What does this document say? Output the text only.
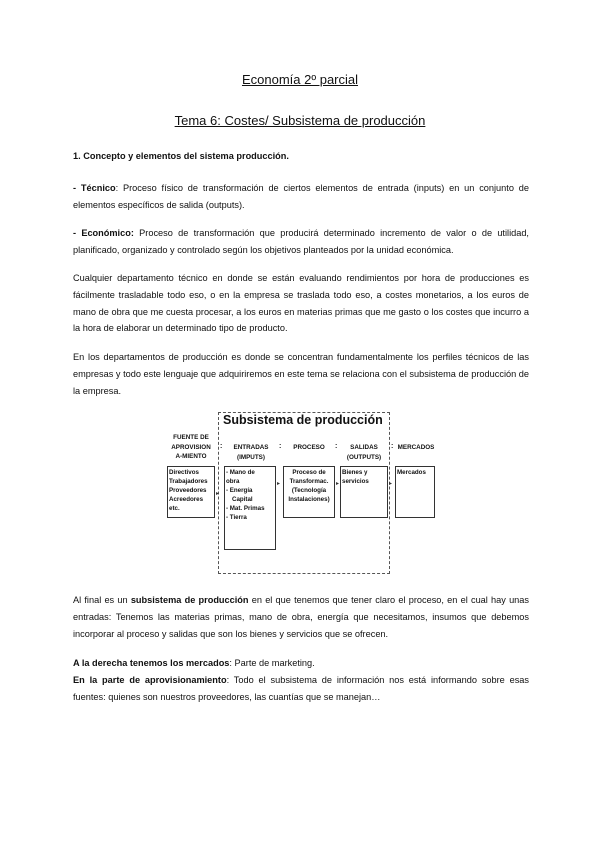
Economía 2º parcial
Tema 6: Costes/ Subsistema de producción

1. Concepto y elementos del sistema producción.

- Técnico: Proceso físico de transformación de ciertos elementos de entrada (inputs) en un conjunto de elementos específicos de salida (outputs).

- Económico: Proceso de transformación que producirá determinado incremento de valor o de utilidad, planificado, organizado y controlado según los objetivos planteados por la unidad económica.

Cualquier departamento técnico en donde se están evaluando rendimientos por hora de producciones es fácilmente trasladable todo eso, o en la empresa se traslada todo eso, a costes monetarios, a los euros de mano de obra que me cuesta procesar, a los euros en materias primas que me gasto o los costes que incurro a la hora de elaborar un determinado tipo de producto.

En los departamentos de producción es donde se concentran fundamentalmente los perfiles técnicos de las empresas y todo este lenguaje que adquiriremos en este tema se relaciona con el subsistema de producción de la empresa.

Subsistema de producción
FUENTE DE
APROVISION
A-MIENTO
:	ENTRADAS
(IMPUTS)
:	PROCESO	:	SALIDAS
(OUTPUTS)
: MERCADOS
Directivos
Trabajadores
Proveedores
Acreedores
etc.
▸
- Mano de
obra
- Energía
Capital
- Mat. Primas
- Tierra
▸
Proceso de
Transformac.
(Tecnología
Instalaciones)
▸
Bienes y
servicios	▸
Mercados

Al final es un subsistema de producción en el que tenemos que tener claro el proceso, en el cual hay unas entradas: Tenemos las materias primas, mano de obra, energía que necesitamos, insumos que debemos incorporar al proceso y salidas que son los bienes y servicios que se ofrecen.

A la derecha tenemos los mercados: Parte de marketing.

En la parte de aprovisionamiento: Todo el subsistema de información nos está informando sobre esas fuentes: quienes son nuestros proveedores, las cuantías que se manejan…
